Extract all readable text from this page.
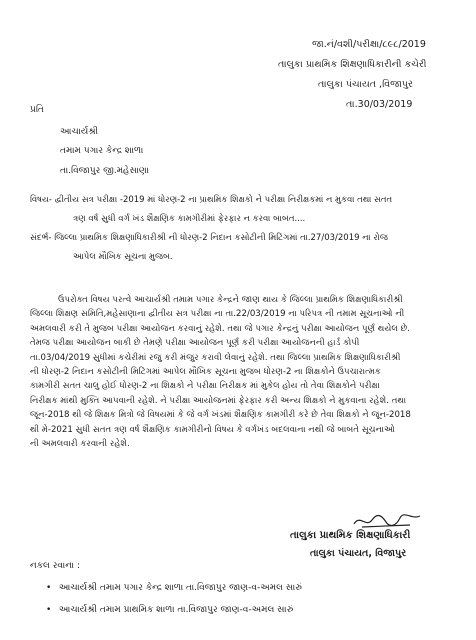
જા.નં/વશી/પરીક્ષા/૮૯૮/2019
તાલુકા પ્રાથમિક શિક્ષણાધિકારીની કચેરી
તાલુકા પંચાયત ,વિજાપુર
તા.30/03/2019
પ્રતિ
આચાર્યશ્રી
તમામ પગાર કેન્દ્ર શાળા
તા.વિજાપુર જી.મહેસાણા
વિષય- દ્વીતીય સત્ર પરીક્ષા -2019 માં ધોરણ-2 ના પ્રાથમિક શિક્ષકો ને પરીક્ષા નિરીક્ષકમાં ન મુકવા તથા સતત
ત્રણ વર્ષ સુધી વર્ગ ખંડ શૈક્ષણિક કામગીરીમાં ફેરફાર ન કરવા બાબત....
સંદર્ભ- જિલ્લા પ્રાથમિક શિક્ષણાધિકારીશ્રી ની ધોરણ-2 નિદાન કસોટીની મિટિંગમાં તા.27/03/2019 ના રોજ
આપેલ મૌખિક સૂચના મુજબ.
ઉપરોક્ત વિષય પરત્વે આચાર્યશ્રી તમામ પગાર કેન્દ્રને જાણ થાય કે જિલ્લા પ્રાથમિક શિક્ષણાધિકારીશ્રી
જિલ્લા શિક્ષણ સમિતિ,મહેસાણાના દ્વીતીય સત્ર પરીક્ષા ના તા.22/03/2019 ના પરિપત્ર ની તમામ સૂચનાઓ ની
અમલવારી કરી તે મુજબ પરીક્ષા આયોજન કરવાનું રહેશે. તથા જે પગાર કેન્દ્રનું પરીક્ષા આયોજન પૂર્ણ થયેલ છે.
તેમજ પરીક્ષા આયોજન બાકી છે તેમણે પરીક્ષા આયોજન પૂર્ણ કરી પરીક્ષા આયોજનની હાર્ડ કોપી
તા.03/04/2019 સુધીમાં કચેરીમાં રજુ કરી મંજુર કરાવી લેવાનું રહેશે. તથા જિલ્લા પ્રાથમિક શિક્ષણાધિકારીશ્રી
ની ધોરણ-2 નિદાન કસોટીની મિટિંગમાં આપેલ મૌખિક સૂચના મુજબ ધોરણ-2 ના શિક્ષકોને ઉપચારાત્મક
કામગીરી સતત ચાલુ હોઈ ધોરણ-2 ના શિક્ષકો ને પરીક્ષા નિરીક્ષક માં મુકેલ હોય તો તેવા શિક્ષકોને પરીક્ષા
નિરીક્ષક માંથી મુક્તિ આપવાની રહેશે. ને પરીક્ષા આયોજનમાં ફેરફાર કરી અન્ય શિક્ષકો ને મુકવાના રહેશે. તથા
જૂન-2018 થી જે શિક્ષક મિત્રો જે વિષયમાં કે જે વર્ગ ખંડમાં શૈક્ષણિક કામગીરી કરે છે તેવા શિક્ષકો ને જૂન-2018
થી મે-2021 સુધી સતત ત્રણ વર્ષ શૈક્ષણિક કામગીરીનો વિષય કે વર્ગખંડ બદલવાના નથી જે બાબતે સૂચનાઓ
ની અમલવારી કરવાની રહેશે.
તાલુકા પ્રાથમિક શિક્ષણાધિકારી
તાલુકા પંચાયત, વિજાપુર
નકલ રવાના :
• આચાર્યશ્રી તમામ પગાર કેન્દ્ર શાળા તા.વિજાપુર જાણ-વ-અમલ સારું
• આચાર્યશ્રી તમામ પ્રાથમિક શાળા તા.વિજાપુર જાણ-વ-અમલ સારું
